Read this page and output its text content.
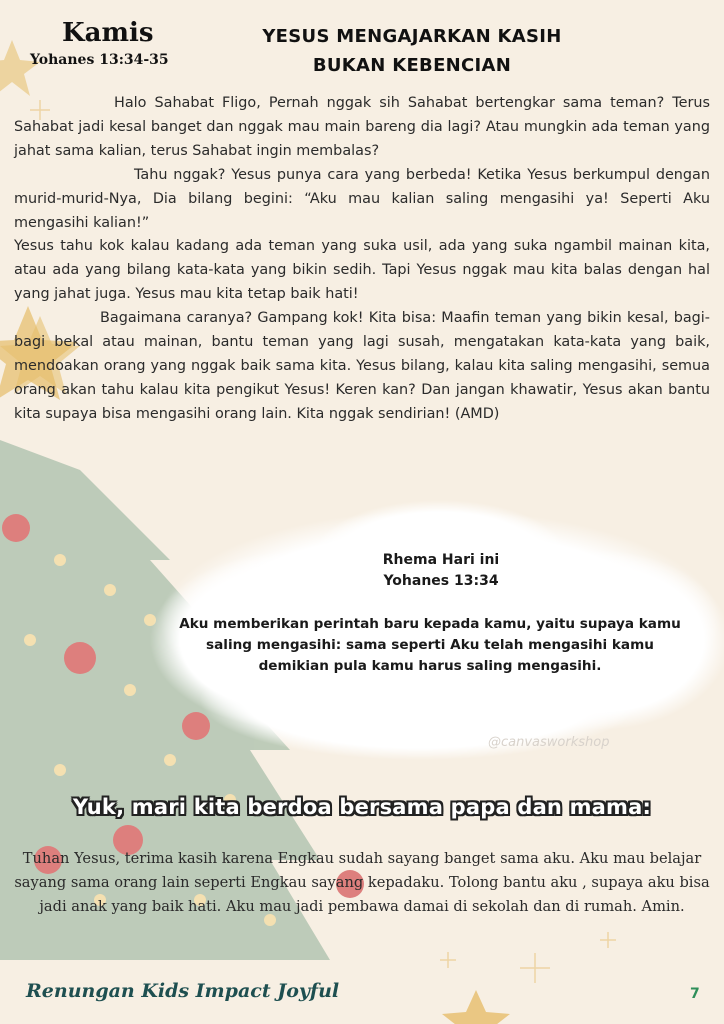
Kamis
Yohanes 13:34-35
YESUS MENGAJARKAN KASIH
BUKAN KEBENCIAN

Halo Sahabat Fligo, Pernah nggak sih Sahabat bertengkar sama teman? Terus Sahabat jadi kesal banget dan nggak mau main bareng dia lagi? Atau mungkin ada teman yang jahat sama kalian, terus Sahabat ingin membalas?

Tahu nggak? Yesus punya cara yang berbeda! Ketika Yesus berkumpul dengan murid-murid-Nya, Dia bilang begini: “Aku mau kalian saling mengasihi ya! Seperti Aku mengasihi kalian!”

Yesus tahu kok kalau kadang ada teman yang suka usil, ada yang suka ngambil mainan kita, atau ada yang bilang kata-kata yang bikin sedih. Tapi Yesus nggak mau kita balas dengan hal yang jahat juga. Yesus mau kita tetap baik hati!

Bagaimana caranya? Gampang kok! Kita bisa: Maafin teman yang bikin kesal, bagi-bagi bekal atau mainan, bantu teman yang lagi susah, mengatakan kata-kata yang baik, mendoakan orang yang nggak baik sama kita. Yesus bilang, kalau kita saling mengasihi, semua orang akan tahu kalau kita pengikut Yesus! Keren kan? Dan jangan khawatir, Yesus akan bantu kita supaya bisa mengasihi orang lain. Kita nggak sendirian! (AMD)

Rhema Hari ini
Yohanes 13:34
Aku memberikan perintah baru kepada kamu, yaitu supaya kamu saling mengasihi: sama seperti Aku telah mengasihi kamu demikian pula kamu harus saling mengasihi.
@canvasworkshop
Yuk, mari kita berdoa bersama papa dan mama:
Tuhan Yesus, terima kasih karena Engkau sudah sayang banget sama aku. Aku mau belajar sayang sama orang lain seperti Engkau sayang kepadaku. Tolong bantu aku , supaya aku bisa jadi anak yang baik hati. Aku mau jadi pembawa damai di sekolah dan di rumah. Amin.
Renungan Kids Impact Joyful	7
